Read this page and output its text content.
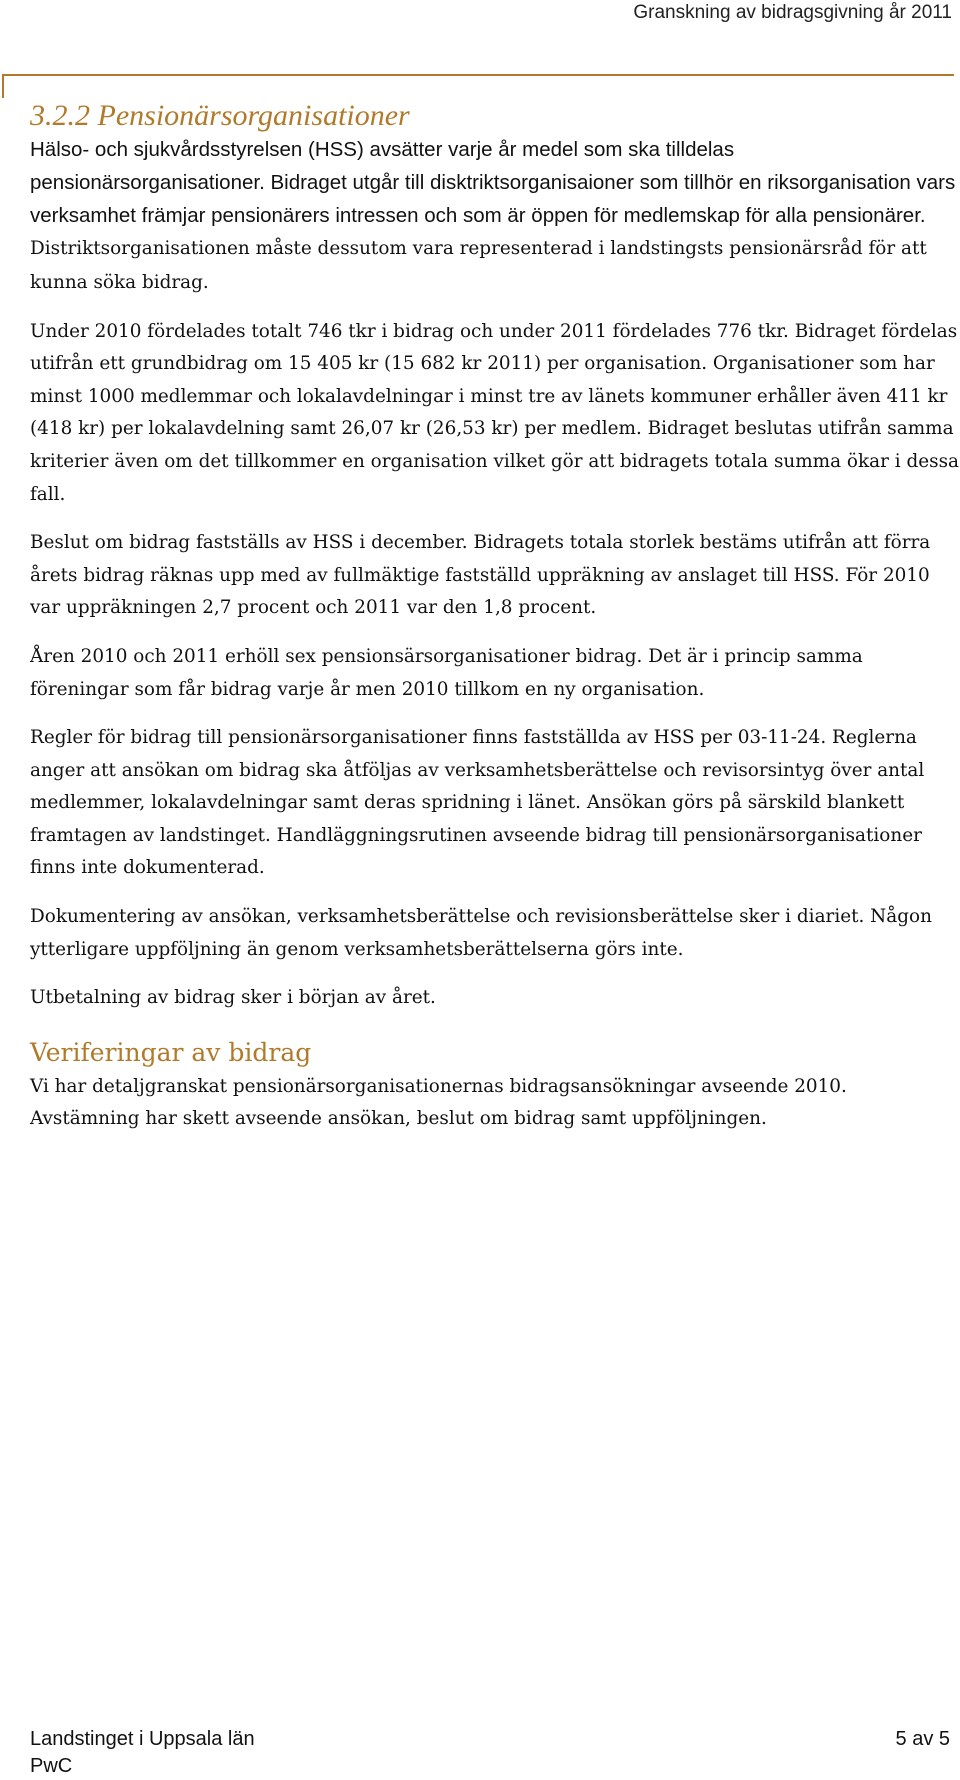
Granskning av bidragsgivning år 2011
3.2.2 Pensionärsorganisationer

Hälso- och sjukvårdsstyrelsen (HSS) avsätter varje år medel som ska tilldelas pensionärsorganisationer. Bidraget utgår till disktriktsorganisaioner som tillhör en riksorganisation vars verksamhet främjar pensionärers intressen och som är öppen för medlemskap för alla pensionärer. Distriktsorganisationen måste dessutom vara representerad i landstingsts pensionärsråd för att kunna söka bidrag.

Under 2010 fördelades totalt 746 tkr i bidrag och under 2011 fördelades 776 tkr. Bidraget fördelas utifrån ett grundbidrag om 15 405 kr (15 682 kr 2011) per organisation. Organisationer som har minst 1000 medlemmar och lokalavdelningar i minst tre av länets kommuner erhåller även 411 kr (418 kr) per lokalavdelning samt 26,07 kr (26,53 kr) per medlem. Bidraget beslutas utifrån samma kriterier även om det tillkommer en organisation vilket gör att bidragets totala summa ökar i dessa fall.

Beslut om bidrag fastställs av HSS i december. Bidragets totala storlek bestäms utifrån att förra årets bidrag räknas upp med av fullmäktige fastställd uppräkning av anslaget till HSS. För 2010 var uppräkningen 2,7 procent och 2011 var den 1,8 procent.

Åren 2010 och 2011 erhöll sex pensionsärsorganisationer bidrag. Det är i princip samma föreningar som får bidrag varje år men 2010 tillkom en ny organisation.

Regler för bidrag till pensionärsorganisationer finns fastställda av HSS per 03-11-24. Reglerna anger att ansökan om bidrag ska åtföljas av verksamhetsberättelse och revisorsintyg över antal medlemmer, lokalavdelningar samt deras spridning i länet. Ansökan görs på särskild blankett framtagen av landstinget. Handläggningsrutinen avseende bidrag till pensionärsorganisationer finns inte dokumenterad.

Dokumentering av ansökan, verksamhetsberättelse och revisionsberättelse sker i diariet. Någon ytterligare uppföljning än genom verksamhetsberättelserna görs inte.

Utbetalning av bidrag sker i början av året.

Veriferingar av bidrag

Vi har detaljgranskat pensionärsorganisationernas bidragsansökningar avseende 2010. Avstämning har skett avseende ansökan, beslut om bidrag samt uppföljningen.

Landstinget i Uppsala län
PwC
5 av 5
